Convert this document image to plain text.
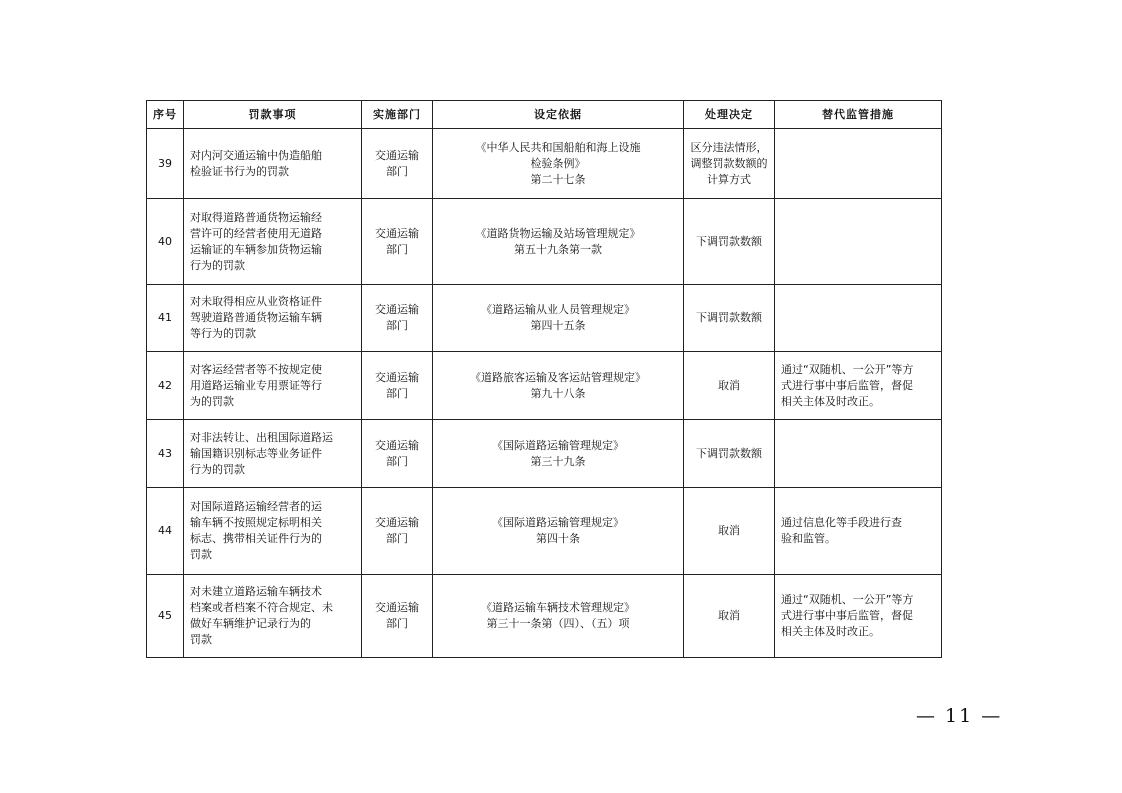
序号	罚款事项	实施部门	设定依据	处理决定	替代监管措施
39	对内河交通运输中伪造船舶
检验证书行为的罚款	交通运输
部门	《中华人民共和国船舶和海上设施
检验条例》
第二十七条	区分违法情形，
调整罚款数额的
计算方式	

40	对取得道路普通货物运输经
营许可的经营者使用无道路
运输证的车辆参加货物运输
行为的罚款	交通运输
部门	《道路货物运输及站场管理规定》
第五十九条第一款	下调罚款数额	

41	对未取得相应从业资格证件
驾驶道路普通货物运输车辆
等行为的罚款	交通运输
部门	《道路运输从业人员管理规定》
第四十五条	下调罚款数额	

42	对客运经营者等不按规定使
用道路运输业专用票证等行
为的罚款	交通运输
部门	《道路旅客运输及客运站管理规定》
第九十八条	取消	通过“双随机、一公开”等方
式进行事中事后监管，督促
相关主体及时改正。

43	对非法转让、出租国际道路运
输国籍识别标志等业务证件
行为的罚款	交通运输
部门	《国际道路运输管理规定》
第三十九条	下调罚款数额	

44	对国际道路运输经营者的运
输车辆不按照规定标明相关
标志、携带相关证件行为的
罚款	交通运输
部门	《国际道路运输管理规定》
第四十条	取消	通过信息化等手段进行查
验和监管。

45	对未建立道路运输车辆技术
档案或者档案不符合规定、未
做好车辆维护记录行为的
罚款	交通运输
部门	《道路运输车辆技术管理规定》
第三十一条第（四）、（五）项	取消	通过“双随机、一公开”等方
式进行事中事后监管，督促
相关主体及时改正。
— 11 —
